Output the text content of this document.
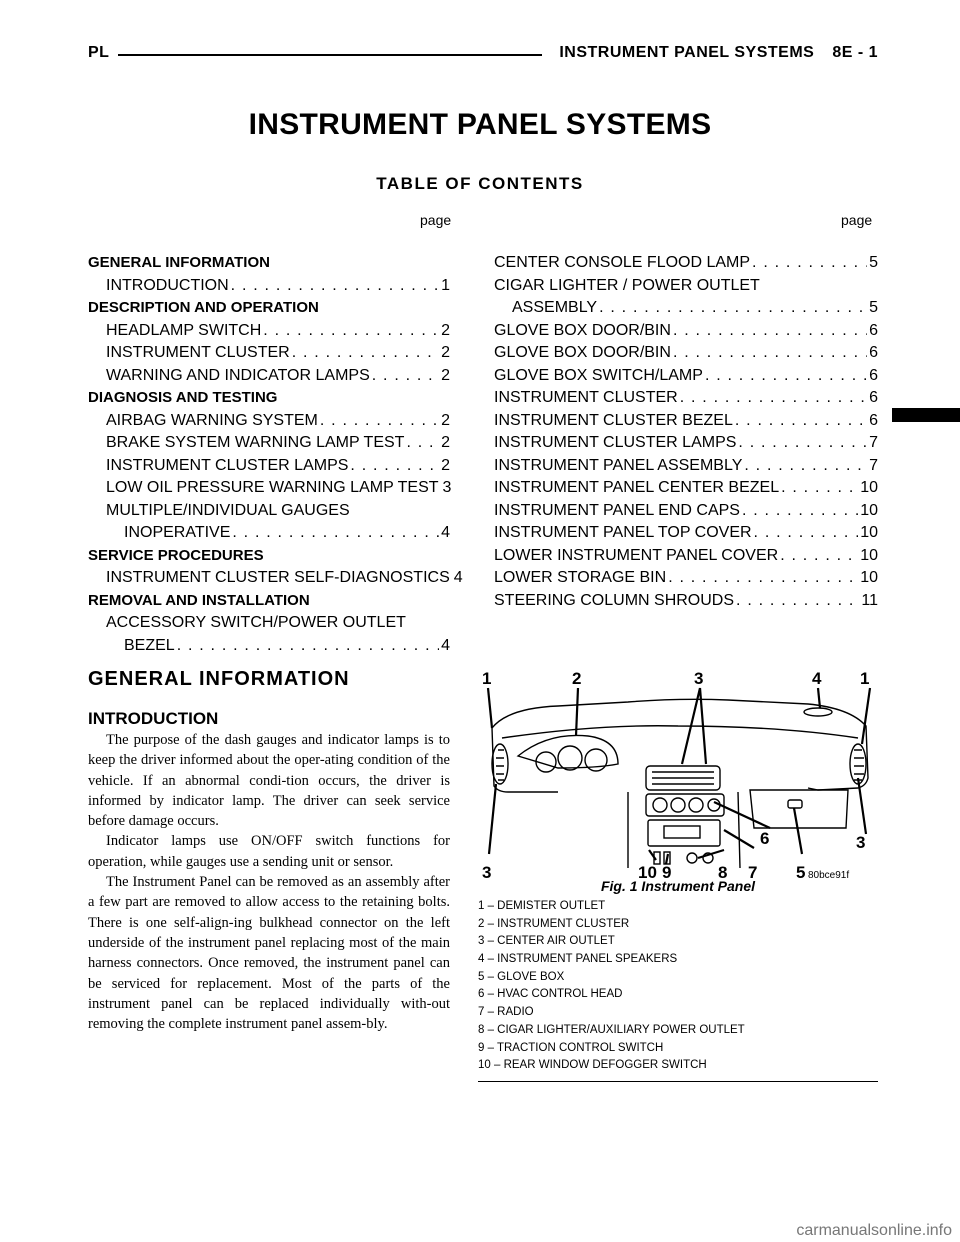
PL	INSTRUMENT PANEL SYSTEMS 8E - 1
INSTRUMENT PANEL SYSTEMS
TABLE OF CONTENTS
page	page
GENERAL INFORMATION
INTRODUCTION . . .	1
DESCRIPTION AND OPERATION
HEADLAMP SWITCH . . .	2
INSTRUMENT CLUSTER . . .	2
WARNING AND INDICATOR LAMPS . . .	2
DIAGNOSIS AND TESTING
AIRBAG WARNING SYSTEM . . .	2
BRAKE SYSTEM WARNING LAMP TEST . . . 2
INSTRUMENT CLUSTER LAMPS . . .	2
LOW OIL PRESSURE WARNING LAMP TEST 3
MULTIPLE/INDIVIDUAL GAUGES
INOPERATIVE . . .	4
SERVICE PROCEDURES
INSTRUMENT CLUSTER SELF-DIAGNOSTICS 4
REMOVAL AND INSTALLATION
ACCESSORY SWITCH/POWER OUTLET
BEZEL . . .	4
CENTER CONSOLE FLOOD LAMP . . .	5
CIGAR LIGHTER / POWER OUTLET
ASSEMBLY . . .	5
GLOVE BOX DOOR/BIN . . .	6
GLOVE BOX DOOR/BIN . . .	6
GLOVE BOX SWITCH/LAMP . . .	6
INSTRUMENT CLUSTER . . .	6
INSTRUMENT CLUSTER BEZEL . . .	6
INSTRUMENT CLUSTER LAMPS . . .	7
INSTRUMENT PANEL ASSEMBLY . . .	7
INSTRUMENT PANEL CENTER BEZEL . . .	10
INSTRUMENT PANEL END CAPS . . .	10
INSTRUMENT PANEL TOP COVER . . .	10
LOWER INSTRUMENT PANEL COVER . . .	10
LOWER STORAGE BIN . . .	10
STEERING COLUMN SHROUDS . . .	11
GENERAL INFORMATION
INTRODUCTION

The purpose of the dash gauges and indicator lamps is to keep the driver informed about the oper-ating condition of the vehicle. If an abnormal condi-tion occurs, the driver is informed by indicator lamp. The driver can seek service before damage occurs.

Indicator lamps use ON/OFF switch functions for operation, while gauges use a sending unit or sensor.

The Instrument Panel can be removed as an assembly after a few part are removed to allow access to the retaining bolts. There is one self-align-ing bulkhead connector on the left underside of the instrument panel replacing most of the main harness connectors. Once removed, the instrument panel can be serviced for replacement. Most of the parts of the instrument panel can be replaced individually with-out removing the complete instrument panel assem-bly.

1	2	3	4 1
6	3
3	10 9	8 7 5 80bce91f
Fig. 1 Instrument Panel
1 – DEMISTER OUTLET
2 – INSTRUMENT CLUSTER
3 – CENTER AIR OUTLET
4 – INSTRUMENT PANEL SPEAKERS
5 – GLOVE BOX
6 – HVAC CONTROL HEAD
7 – RADIO
8 – CIGAR LIGHTER/AUXILIARY POWER OUTLET
9 – TRACTION CONTROL SWITCH
10 – REAR WINDOW DEFOGGER SWITCH
carmanualsonline.info
